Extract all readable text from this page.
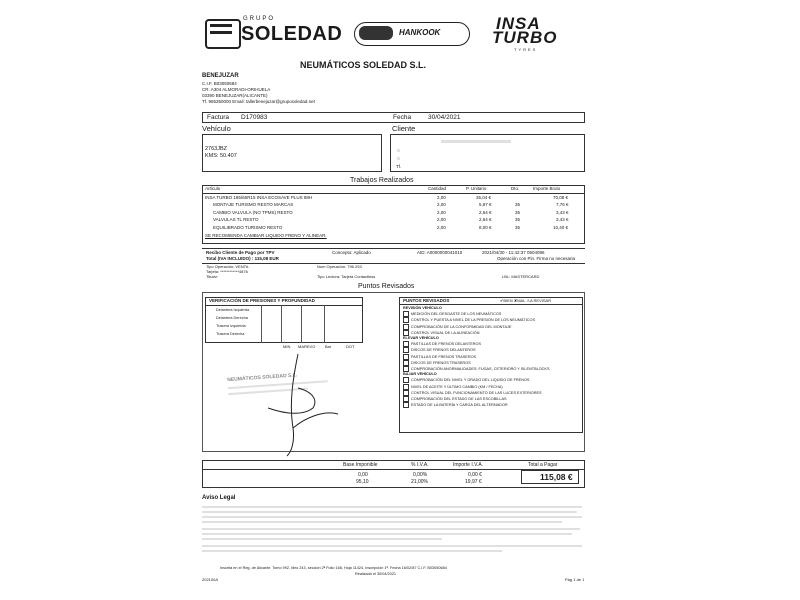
GRUPO
SOLEDAD	HANKOOK	INSA
TURBO
TYRES
NEUMÁTICOS SOLEDAD S.L.
BENEJUZAR
C.I.F. B03050684
CR. A304 ALMORADI-ORIHUELA
03390 BENEJUZAR(ALICANTE)
Tf. 965350000 Email: tallerbenejuzar@gruposoledad.net
Factura D170983	Fecha	30/04/2021
Vehículo
2763JBZ
KMS: 50.407
Cliente
Tf.
Trabajos Realizados
Artículo	Cantidad	P. Unitario	Dto.	Importe Bruto
INSA TURBO 185/65R15 INSA ECOSAVE PLUS 88H	2,00	35,04 €	70,08 €
MONTAJE TURISMO RESTO MARCAS	2,00	5,97 €	35	7,76 €
CAMBIO VALVULA (NO TPMS) RESTO	2,00	2,64 €	35	3,43 €
VALVULAS TL RESTO	2,00	2,64 €	35	3,43 €
EQUILIBRADO TURISMO RESTO	2,00	8,00 €	35	10,40 €
SE RECOMIENDA CAMBIAR LIQUIDO FRENO Y ALINEAR.
Recibo Cliente de Pago por TPV
Total (IVA INCLUIDO) : 115,08 EUR
Concepto: Aplicado	AID: A0000000041010	2021/04/30 - 11:42:37 0504096
Operación con Pin. Firma no necesaria
Tipo Operación: VENTA
Tarjeta: ************4876
Titular:
Num Operación: 796.293
Tipo Lectura: Tarjeta Contactless	LBL: MASTERCARD
Puntos Revisados
VERIFICACIÓN DE PRESIONES Y PROFUNDIDAD
Delantera Izquierda
Delantera Derecha
Trasera Izquierda
Trasera Derecha
MIN MAREVO Bar	DOT
NEUMÁTICOS SOLEDAD S.L.
PUNTOS REVISADOS	✔BIEN ✘MAL ⚠A REVISAR
REVISIÓN VEHÍCULO
MEDICIÓN DEL DESGASTE DE LOS NEUMÁTICOS
CONTROL Y PUESTA A NIVEL DE LA PRESIÓN DE LOS NEUMÁTICOS
COMPROBACIÓN DE LA CONFORMIDAD DEL MONTAJE
CONTROL VISUAL DE LA ALINEACIÓN
ELEVAR VEHÍCULO
PASTILLAS DE FRENOS DELANTEROS
DISCOS DE FRENOS DELANTEROS
PASTILLAS DE FRENOS TRASEROS
DISCOS DE FRENOS TRASEROS
COMPROBACIÓN ANORMALIDADES: FUGAS, CETERIORO Y SILENTBLOCKS
BAJAR VEHÍCULO
COMPROBACIÓN DEL NIVEL Y GRADO DEL LIQUIDO DE FRENOS
NIVEL DE ACEITE Y ÚLTIMO CAMBIO (KM / FECHA)
CONTROL VISUAL DEL FUNCIONAMIENTO DE LAS LUCES EXTERIORES
COMPROBACIÓN DEL ESTADO DE LAS ESCOBILLAS
ESTADO DE LA BATERÍA Y CARGA DEL ALTERNADOR
Base Imponible	% I.V.A.	Importe I.V.A.	Total a Pagar
0,00	0,00%	0,00 €
95,10	21,00%	19,97 €	115,08 €
Aviso Legal
Inscrita en el Reg. de Alicante. Tomo 992, libro 243, sección 2ª Folio 168, Hoja 11424, Inscripción 1ª. Fecha 16/02/87 C.I.F. B03050684
Realizado el 30/04/2021
202100A	Pág 1 de 1
